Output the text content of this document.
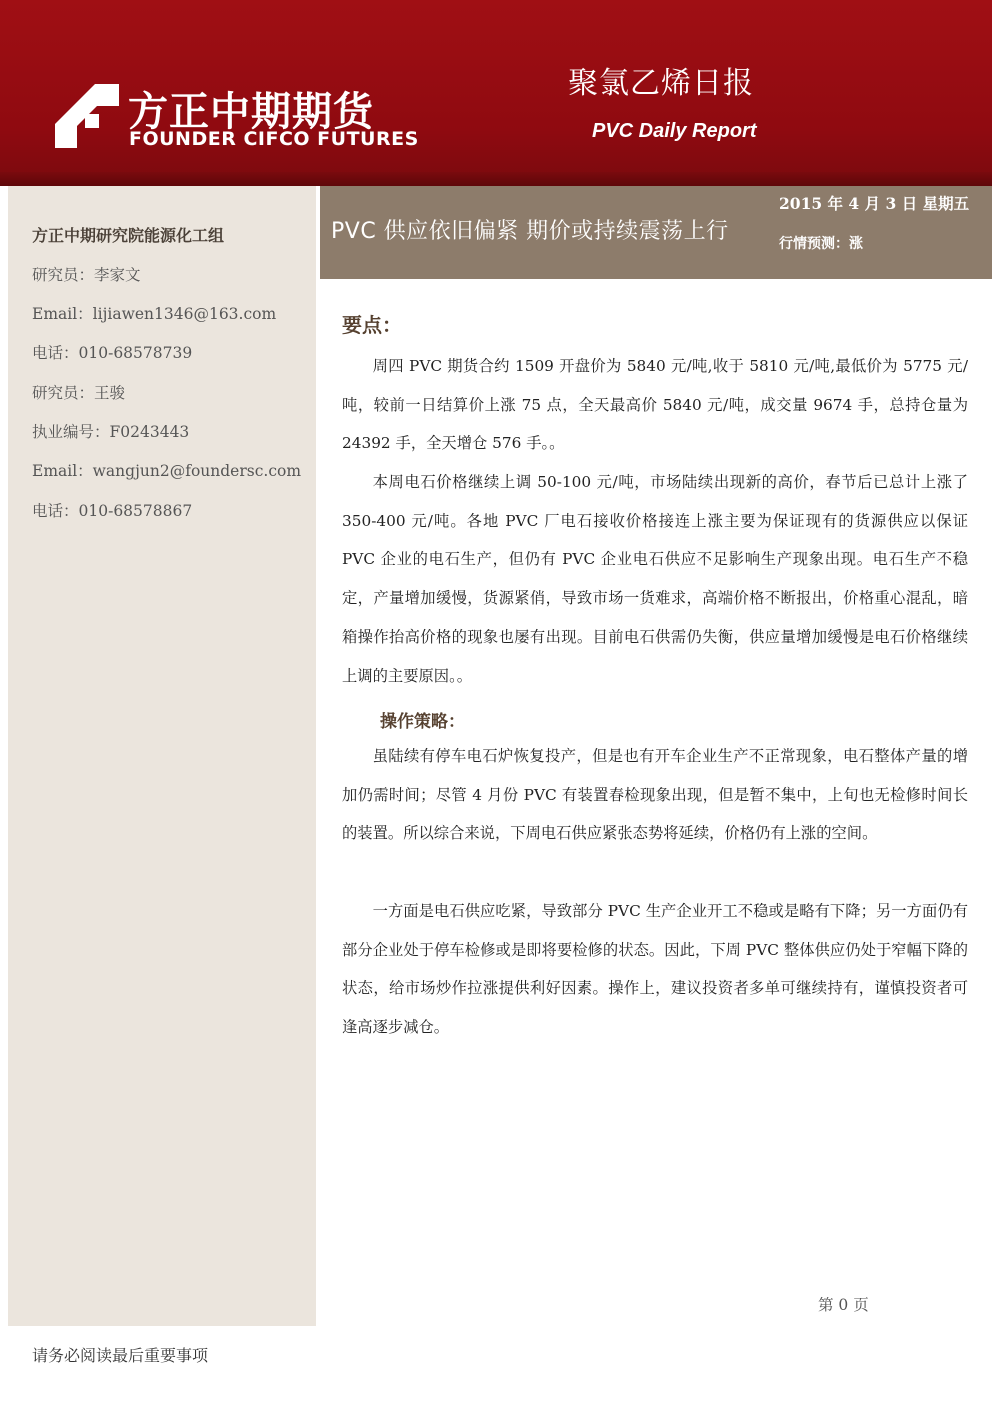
方正中期期货
FOUNDER CIFCO FUTURES
聚氯乙烯日报
PVC Daily Report
方正中期研究院能源化工组
研究员：李家文
Email：lijiawen1346@163.com
电话：010-68578739
研究员：王骏
执业编号：F0243443
Email：wangjun2@foundersc.com
电话：010-68578867
PVC 供应依旧偏紧 期价或持续震荡上行
2015 年 4 月 3 日 星期五
行情预测：涨
要点：
周四 PVC 期货合约 1509 开盘价为 5840 元/吨,收于 5810 元/吨,最低价为 5775 元/吨，较前一日结算价上涨 75 点，全天最高价 5840 元/吨，成交量 9674 手，总持仓量为 24392 手，全天增仓 576 手。。
本周电石价格继续上调 50-100 元/吨，市场陆续出现新的高价，春节后已总计上涨了 350-400 元/吨。各地 PVC 厂电石接收价格接连上涨主要为保证现有的货源供应以保证 PVC 企业的电石生产，但仍有 PVC 企业电石供应不足影响生产现象出现。电石生产不稳定，产量增加缓慢，货源紧俏，导致市场一货难求，高端价格不断报出，价格重心混乱，暗箱操作抬高价格的现象也屡有出现。目前电石供需仍失衡，供应量增加缓慢是电石价格继续上调的主要原因。。
操作策略：
虽陆续有停车电石炉恢复投产，但是也有开车企业生产不正常现象，电石整体产量的增加仍需时间；尽管 4 月份 PVC 有装置春检现象出现，但是暂不集中，上旬也无检修时间长的装置。所以综合来说，下周电石供应紧张态势将延续，价格仍有上涨的空间。
一方面是电石供应吃紧，导致部分 PVC 生产企业开工不稳或是略有下降；另一方面仍有部分企业处于停车检修或是即将要检修的状态。因此，下周 PVC 整体供应仍处于窄幅下降的状态，给市场炒作拉涨提供利好因素。操作上，建议投资者多单可继续持有，谨慎投资者可逢高逐步减仓。
第 0 页
请务必阅读最后重要事项
